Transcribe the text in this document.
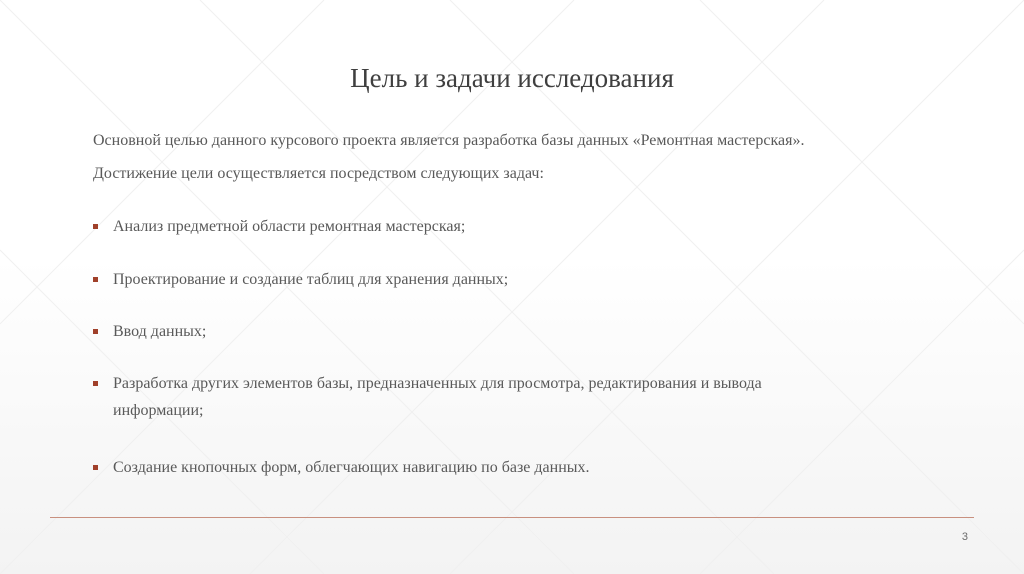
Цель и задачи исследования

Основной целью данного курсового проекта является разработка базы данных «Ремонтная мастерская».

Достижение цели осуществляется посредством следующих задач:

Анализ предметной области ремонтная мастерская;
Проектирование и создание таблиц для хранения данных;
Ввод данных;
Разработка других элементов базы, предназначенных для просмотра, редактирования и вывода информации;
Создание кнопочных форм, облегчающих навигацию по базе данных.
3
